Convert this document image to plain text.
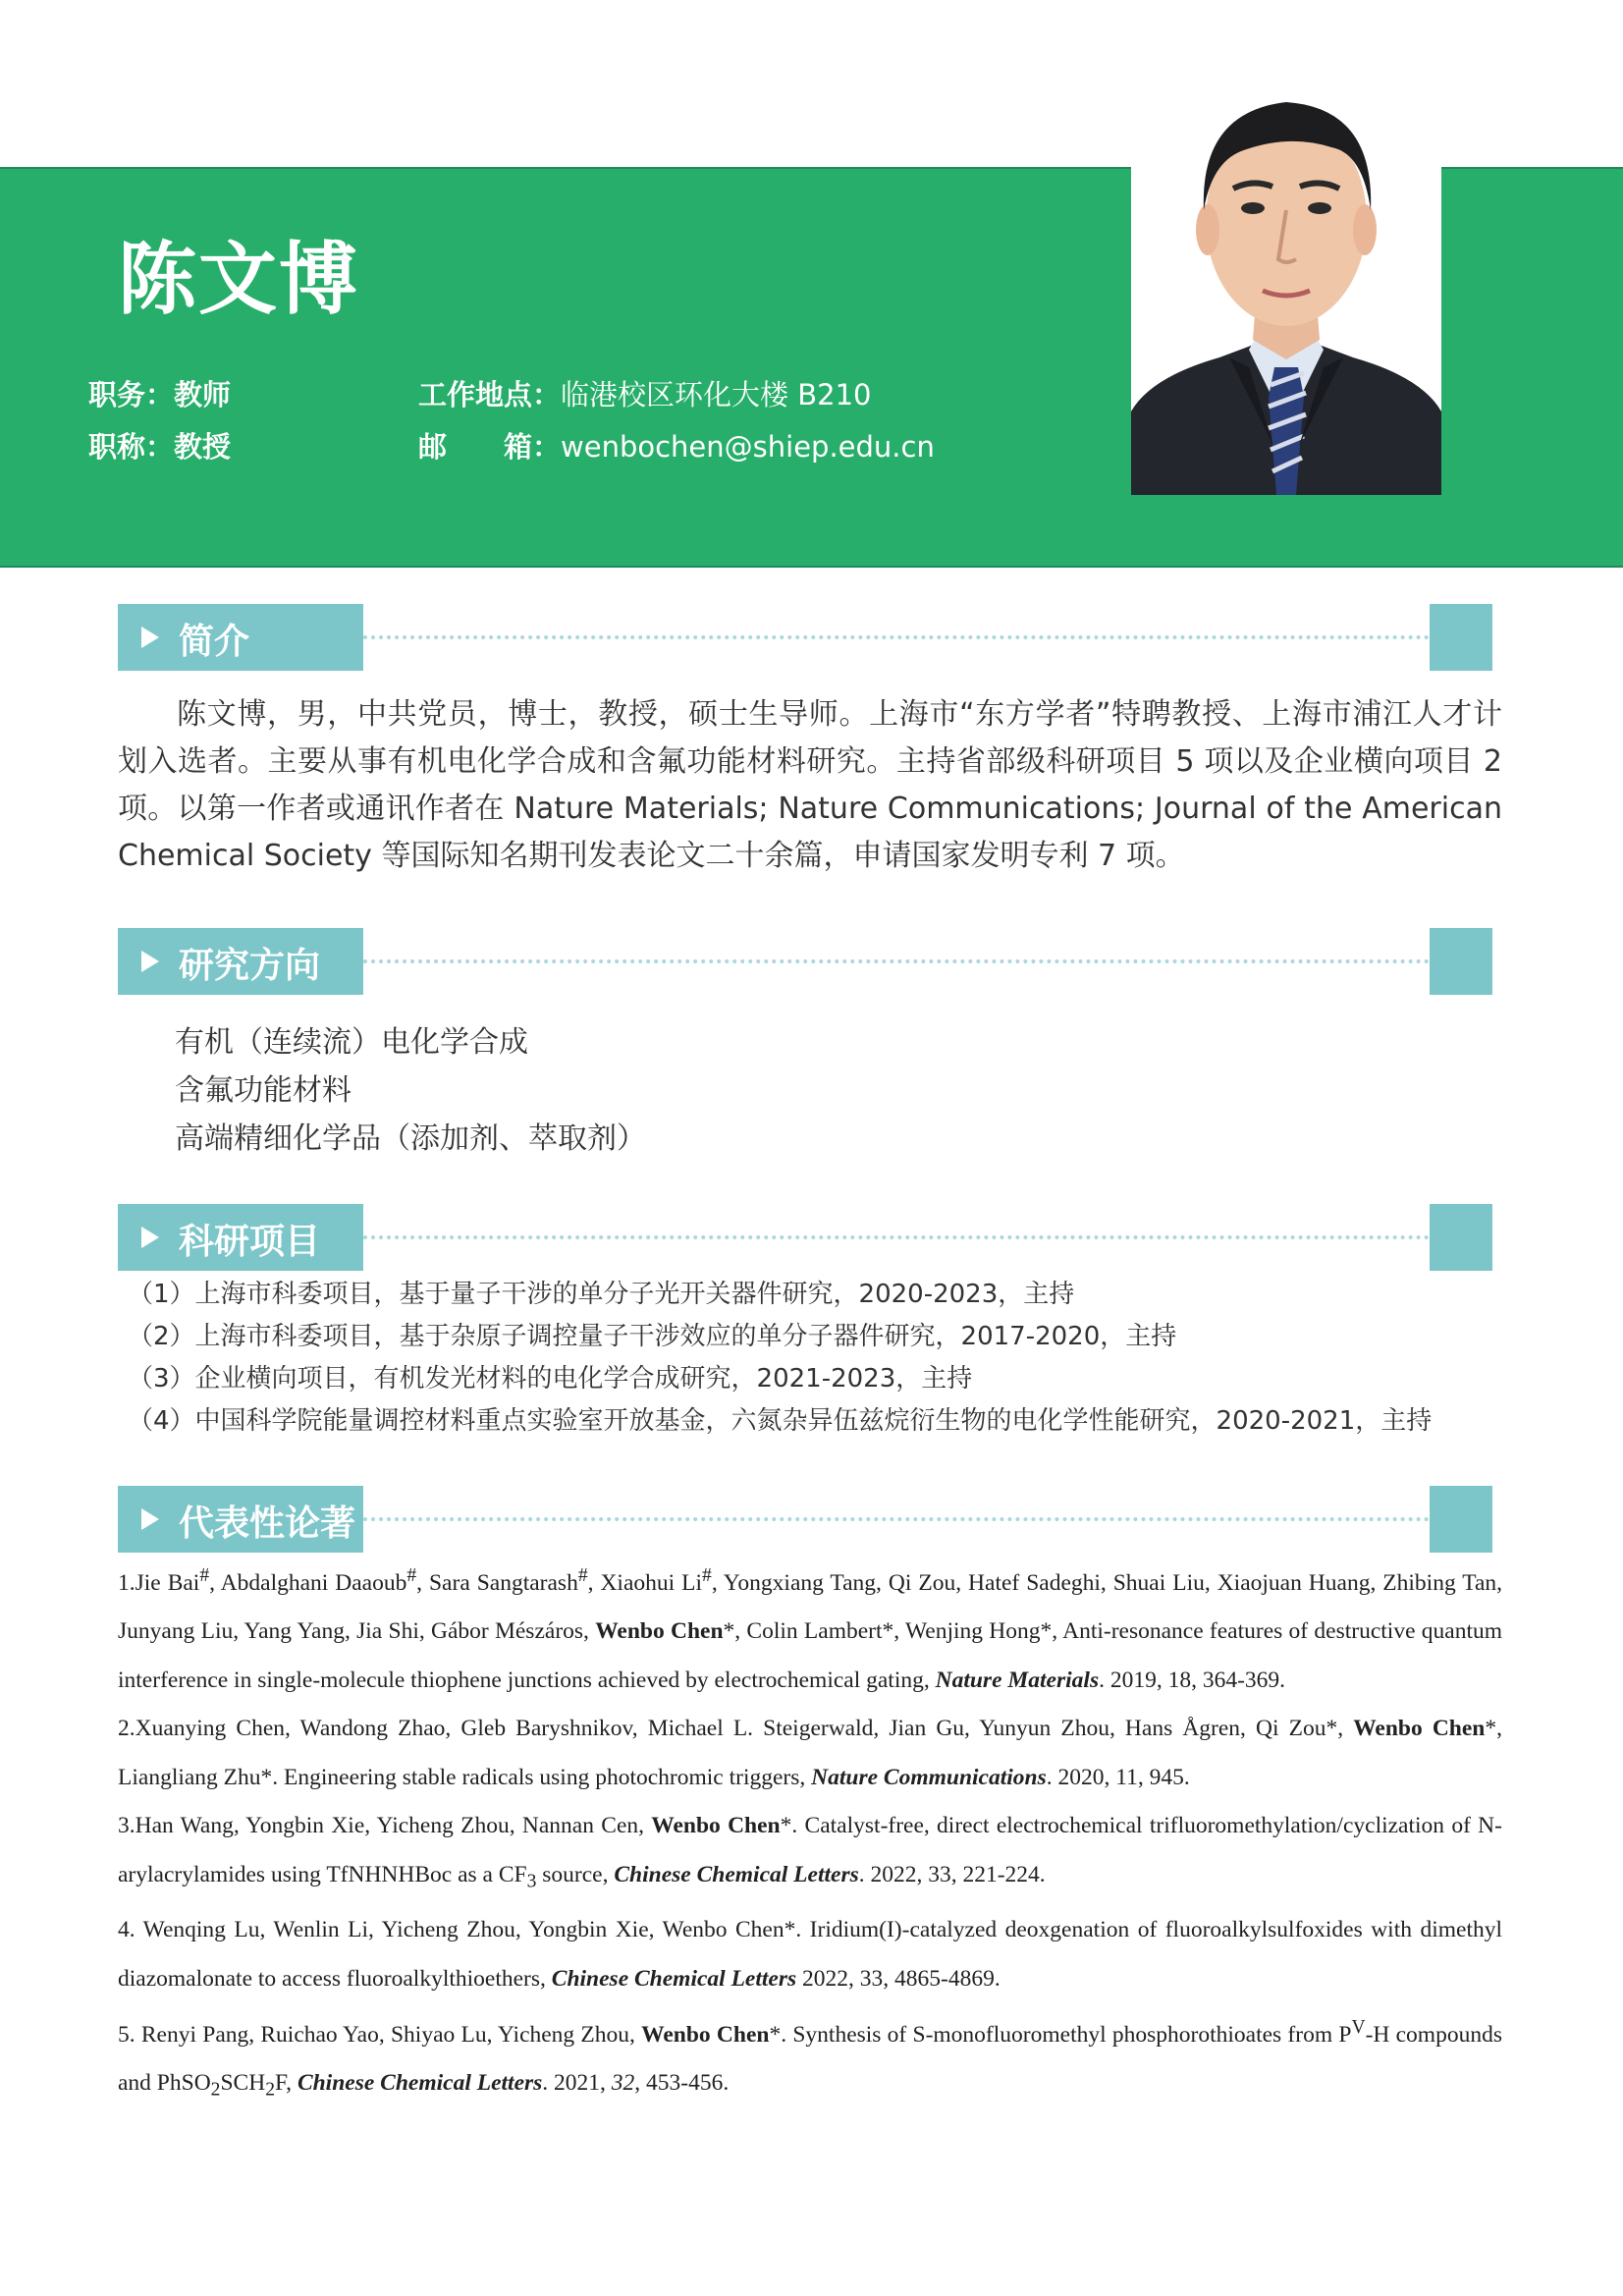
陈文博
职务：教师
职称：教授
工作地点：临港校区环化大楼 B210
邮　　箱：wenbochen@shiep.edu.cn
简介
陈文博，男，中共党员，博士，教授，硕士生导师。上海市“东方学者”特聘教授、上海市浦江人才计划入选者。主要从事有机电化学合成和含氟功能材料研究。主持省部级科研项目 5 项以及企业横向项目 2 项。以第一作者或通讯作者在 Nature Materials; Nature Communications; Journal of the American Chemical Society 等国际知名期刊发表论文二十余篇，申请国家发明专利 7 项。
研究方向
有机（连续流）电化学合成
含氟功能材料
高端精细化学品（添加剂、萃取剂）
科研项目
（1）上海市科委项目，基于量子干涉的单分子光开关器件研究，2020-2023，主持
（2）上海市科委项目，基于杂原子调控量子干涉效应的单分子器件研究，2017-2020，主持
（3）企业横向项目，有机发光材料的电化学合成研究，2021-2023，主持
（4）中国科学院能量调控材料重点实验室开放基金，六氮杂异伍兹烷衍生物的电化学性能研究，2020-2021，主持
代表性论著

1.Jie Bai#, Abdalghani Daaoub#, Sara Sangtarash#, Xiaohui Li#, Yongxiang Tang, Qi Zou, Hatef Sadeghi, Shuai Liu, Xiaojuan Huang, Zhibing Tan, Junyang Liu, Yang Yang, Jia Shi, Gábor Mészáros, Wenbo Chen*, Colin Lambert*, Wenjing Hong*, Anti-resonance features of destructive quantum interference in single-molecule thiophene junctions achieved by electrochemical gating, Nature Materials. 2019, 18, 364-369.

2.Xuanying Chen, Wandong Zhao, Gleb Baryshnikov, Michael L. Steigerwald, Jian Gu, Yunyun Zhou, Hans Ågren, Qi Zou*, Wenbo Chen*, Liangliang Zhu*. Engineering stable radicals using photochromic triggers, Nature Communications. 2020, 11, 945.

3.Han Wang, Yongbin Xie, Yicheng Zhou, Nannan Cen, Wenbo Chen*. Catalyst-free, direct electrochemical trifluoromethylation/cyclization of N-arylacrylamides using TfNHNHBoc as a $CF_3$ source, Chinese Chemical Letters. 2022, 33, 221-224.

4. Wenqing Lu, Wenlin Li, Yicheng Zhou, Yongbin Xie, Wenbo Chen*. Iridium(I)-catalyzed deoxgenation of fluoroalkylsulfoxides with dimethyl diazomalonate to access fluoroalkylthioethers, Chinese Chemical Letters 2022, 33, 4865-4869.

5. Renyi Pang, Ruichao Yao, Shiyao Lu, Yicheng Zhou, Wenbo Chen*. Synthesis of S-monofluoromethyl phosphorothioates from $P^V-H$ compounds and $PhSO_2SCH_2F$, Chinese Chemical Letters. 2021, 32, 453-456.
